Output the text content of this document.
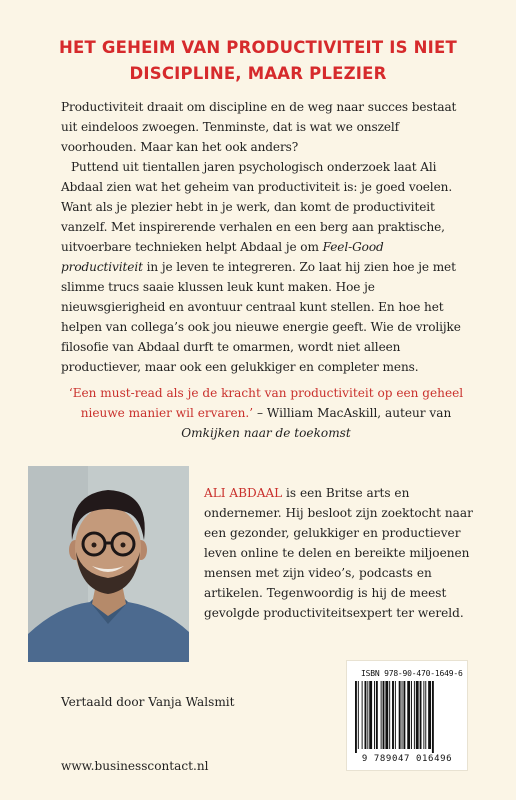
HET GEHEIM VAN PRODUCTIVITEIT IS NIET
DISCIPLINE, MAAR PLEZIER

Productiviteit draait om discipline en de weg naar succes bestaat uit eindeloos zwoegen. Tenminste, dat is wat we onszelf voorhouden. Maar kan het ook anders?

Puttend uit tientallen jaren psychologisch onderzoek laat Ali Abdaal zien wat het geheim van productiviteit is: je goed voelen. Want als je plezier hebt in je werk, dan komt de productiviteit vanzelf. Met inspirerende verhalen en een berg aan praktische, uitvoerbare technieken helpt Abdaal je om Feel-Good productiviteit in je leven te integreren. Zo laat hij zien hoe je met slimme trucs saaie klussen leuk kunt maken. Hoe je nieuwsgierigheid en avontuur centraal kunt stellen. En hoe het helpen van collega’s ook jou nieuwe energie geeft. Wie de vrolijke filosofie van Abdaal durft te omarmen, wordt niet alleen productiever, maar ook een gelukkiger en completer mens.

‘Een must-read als je de kracht van productiviteit op een geheel nieuwe manier wil ervaren.’ – William MacAskill, auteur van Omkijken naar de toekomst
ALI ABDAAL is een Britse arts en ondernemer. Hij besloot zijn zoektocht naar een gezonder, gelukkiger en productiever leven online te delen en bereikte miljoenen mensen met zijn video’s, podcasts en artikelen. Tegenwoordig is hij de meest gevolgde productiviteitsexpert ter wereld.
Vertaald door Vanja Walsmit
www.businesscontact.nl
ISBN 978-90-470-1649-6
9 789047 016496
